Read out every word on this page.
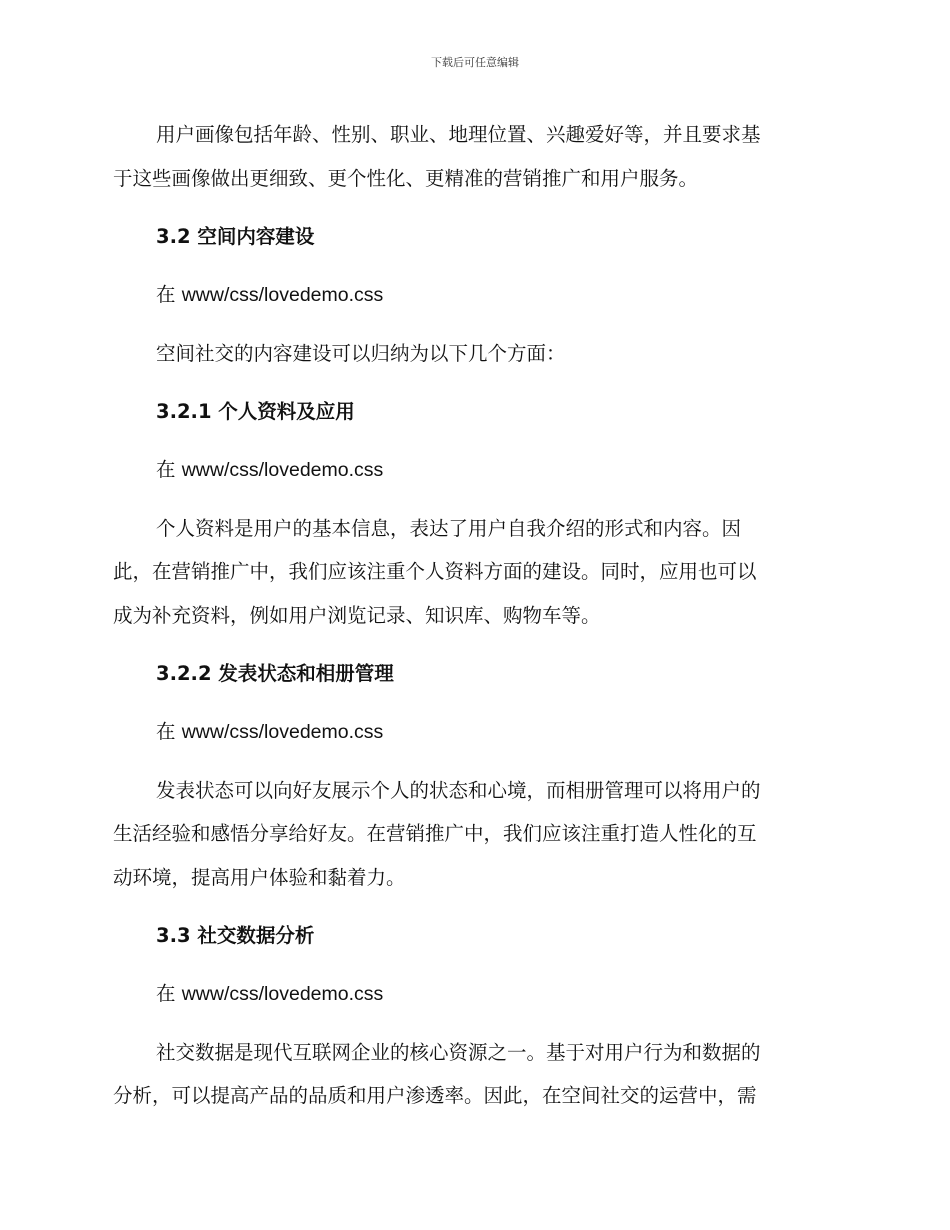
下载后可任意编辑

用户画像包括年龄、性别、职业、地理位置、兴趣爱好等，并且要求基
于这些画像做出更细致、更个性化、更精准的营销推广和用户服务。

3.2 空间内容建设
在 www/css/lovedemo.css

空间社交的内容建设可以归纳为以下几个方面：

3.2.1 个人资料及应用
在 www/css/lovedemo.css

个人资料是用户的基本信息，表达了用户自我介绍的形式和内容。因
此，在营销推广中，我们应该注重个人资料方面的建设。同时，应用也可以
成为补充资料，例如用户浏览记录、知识库、购物车等。

3.2.2 发表状态和相册管理
在 www/css/lovedemo.css

发表状态可以向好友展示个人的状态和心境，而相册管理可以将用户的
生活经验和感悟分享给好友。在营销推广中，我们应该注重打造人性化的互
动环境，提高用户体验和黏着力。

3.3 社交数据分析
在 www/css/lovedemo.css

社交数据是现代互联网企业的核心资源之一。基于对用户行为和数据的
分析，可以提高产品的品质和用户渗透率。因此，在空间社交的运营中，需
